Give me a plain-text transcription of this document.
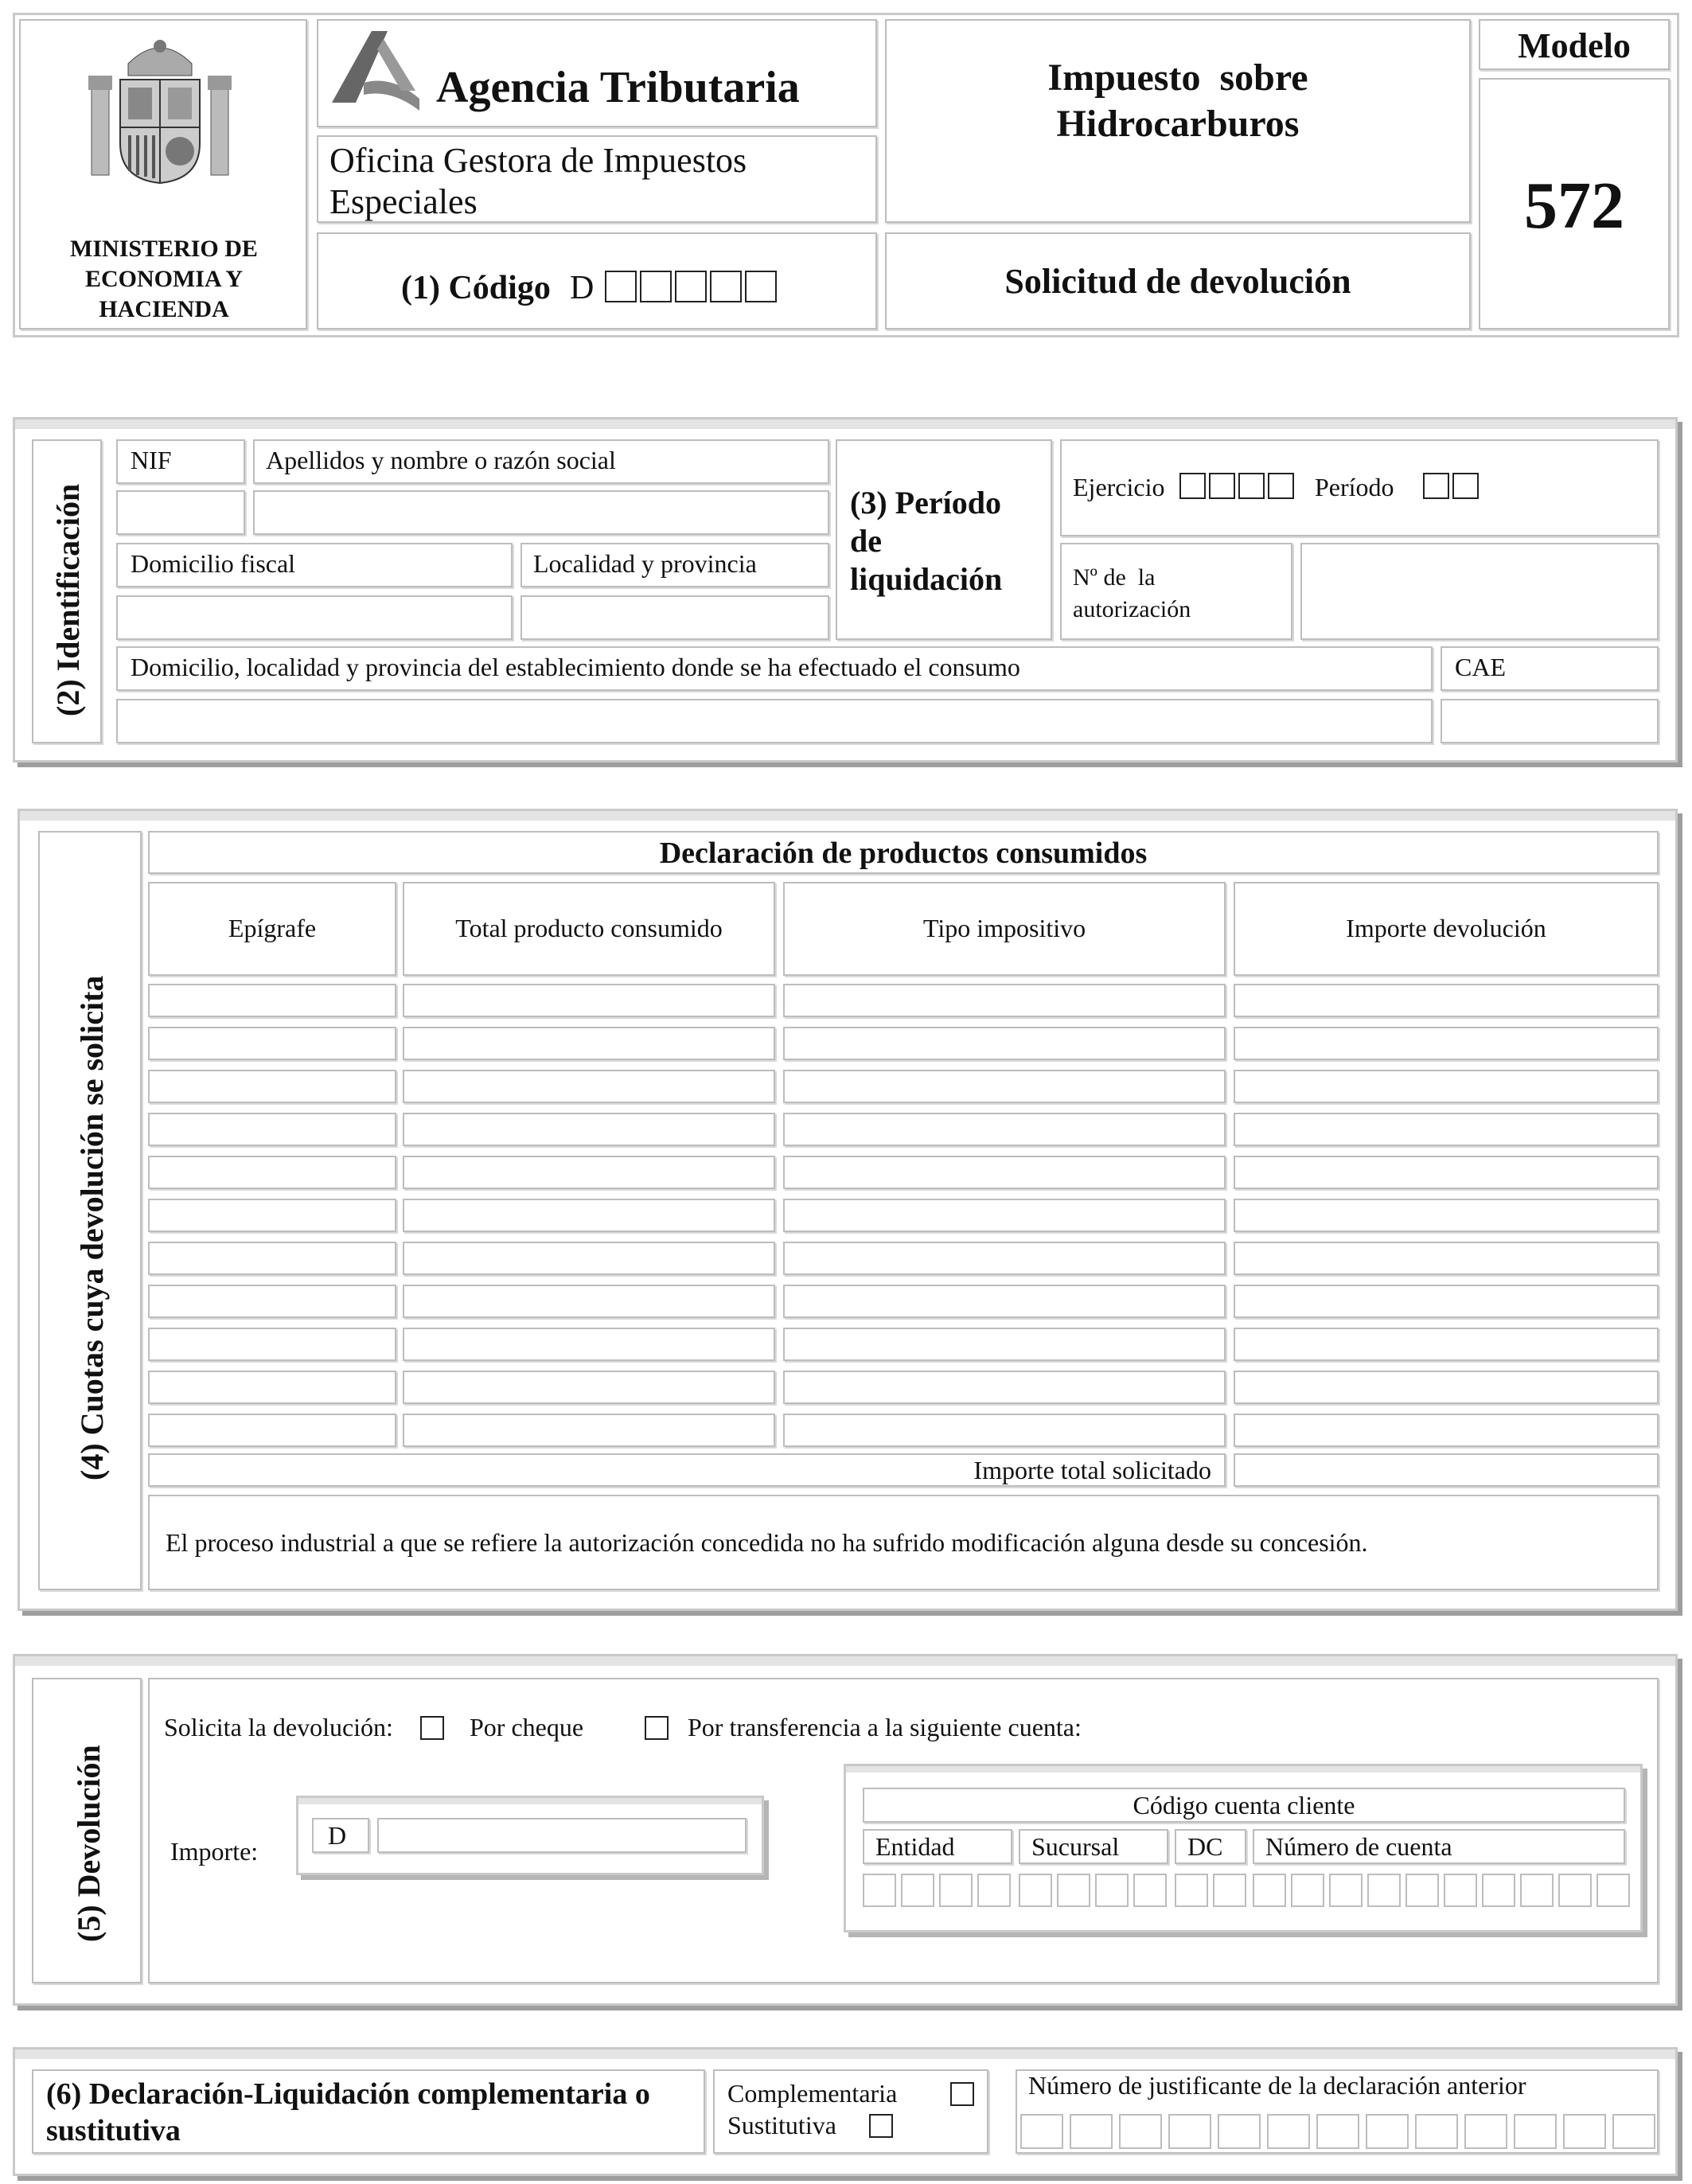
MINISTERIO DE ECONOMIA Y HACIENDA
Agencia Tributaria
Oficina Gestora de Impuestos Especiales
(1) Código D
Impuesto  sobre
Hidrocarburos
Solicitud de devolución
Modelo
572
(2) Identificación
NIF	Apellidos y nombre o razón social
Domicilio fiscal	Localidad y provincia
Domicilio, localidad y provincia del establecimiento donde se ha efectuado el consumo	CAE
(3) Período de liquidación
Ejercicio	Período
Nº de  la autorización
(4) Cuotas cuya devolución se solicita
Declaración de productos consumidos
Epígrafe	Total producto consumido	Tipo impositivo	Importe devolución
Importe total solicitado
El proceso industrial a que se refiere la autorización concedida no ha sufrido modificación alguna desde su concesión.
(5) Devolución
Solicita la devolución:	Por cheque	Por transferencia a la siguiente cuenta:
Importe:
D
Código cuenta cliente
Entidad	Sucursal	DC Número de cuenta
(6) Declaración-Liquidación complementaria o sustitutiva
Complementaria
Sustitutiva
Número de justificante de la declaración anterior
